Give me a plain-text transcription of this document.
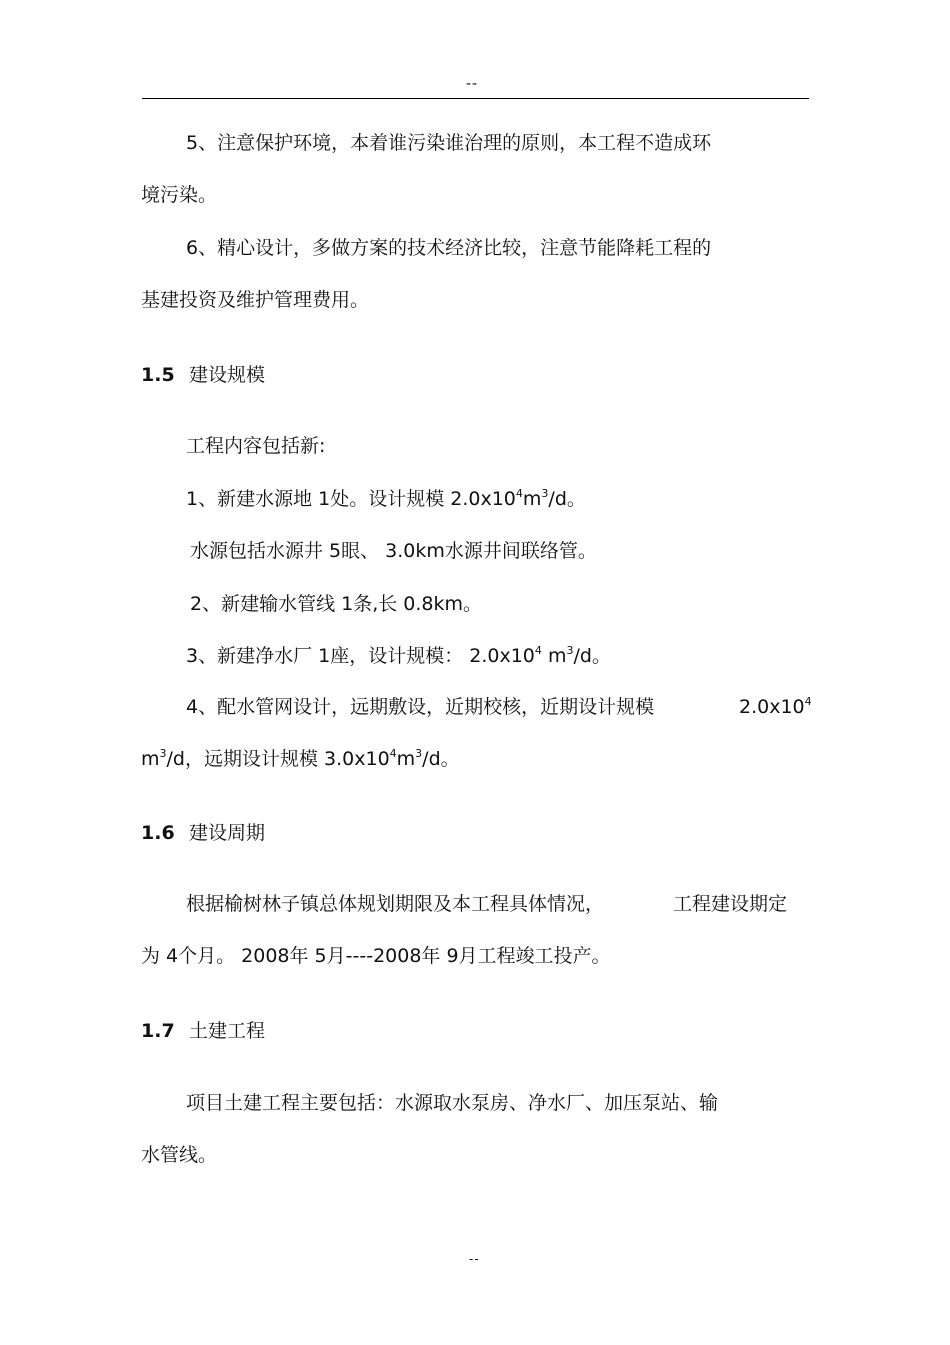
--
5、注意保护环境，本着谁污染谁治理的原则，本工程不造成环
境污染。
6、精心设计，多做方案的技术经济比较，注意节能降耗工程的
基建投资及维护管理费用。
1.5 建设规模
工程内容包括新:
1、新建水源地 1处。设计规模 $2.0x10^4m^3/d$。
水源包括水源井 5眼、 3.0km水源井间联络管。
2、新建输水管线 1条,长 0.8km。
3、新建净水厂 1座，设计规模： $2.0x10^4$ $m^3/d$。
4、配水管网设计，远期敷设，近期校核，近期设计规模	$2.0x10^4$
$m^3/d$，远期设计规模 $3.0x10^4m^3/d$。
1.6 建设周期
根据榆树林子镇总体规划期限及本工程具体情况，	工程建设期定
为 4个月。 2008年 5月----2008年 9月工程竣工投产。
1.7 土建工程
项目土建工程主要包括：水源取水泵房、净水厂、加压泵站、输
水管线。
--
